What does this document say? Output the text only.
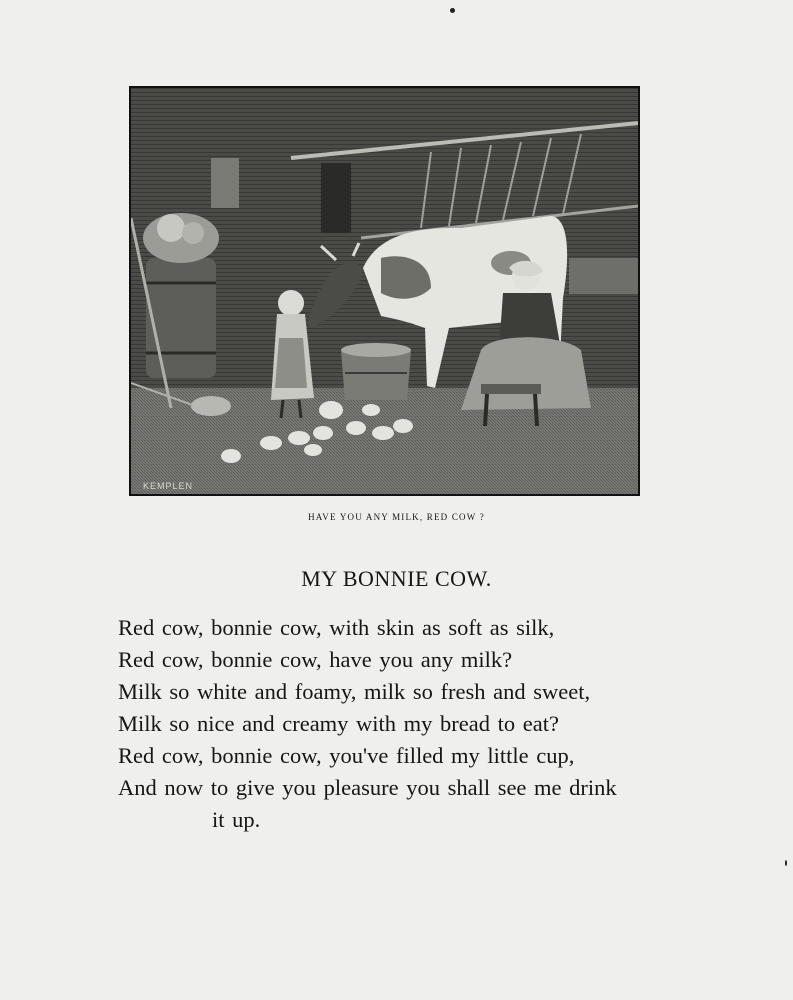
KEMPLEN
HAVE YOU ANY MILK, RED COW ?
MY BONNIE COW.
Red cow, bonnie cow, with skin as soft as silk,
Red cow, bonnie cow, have you any milk?
Milk so white and foamy, milk so fresh and sweet,
Milk so nice and creamy with my bread to eat?
Red cow, bonnie cow, you've filled my little cup,
And now to give you pleasure you shall see me drink
it up.
